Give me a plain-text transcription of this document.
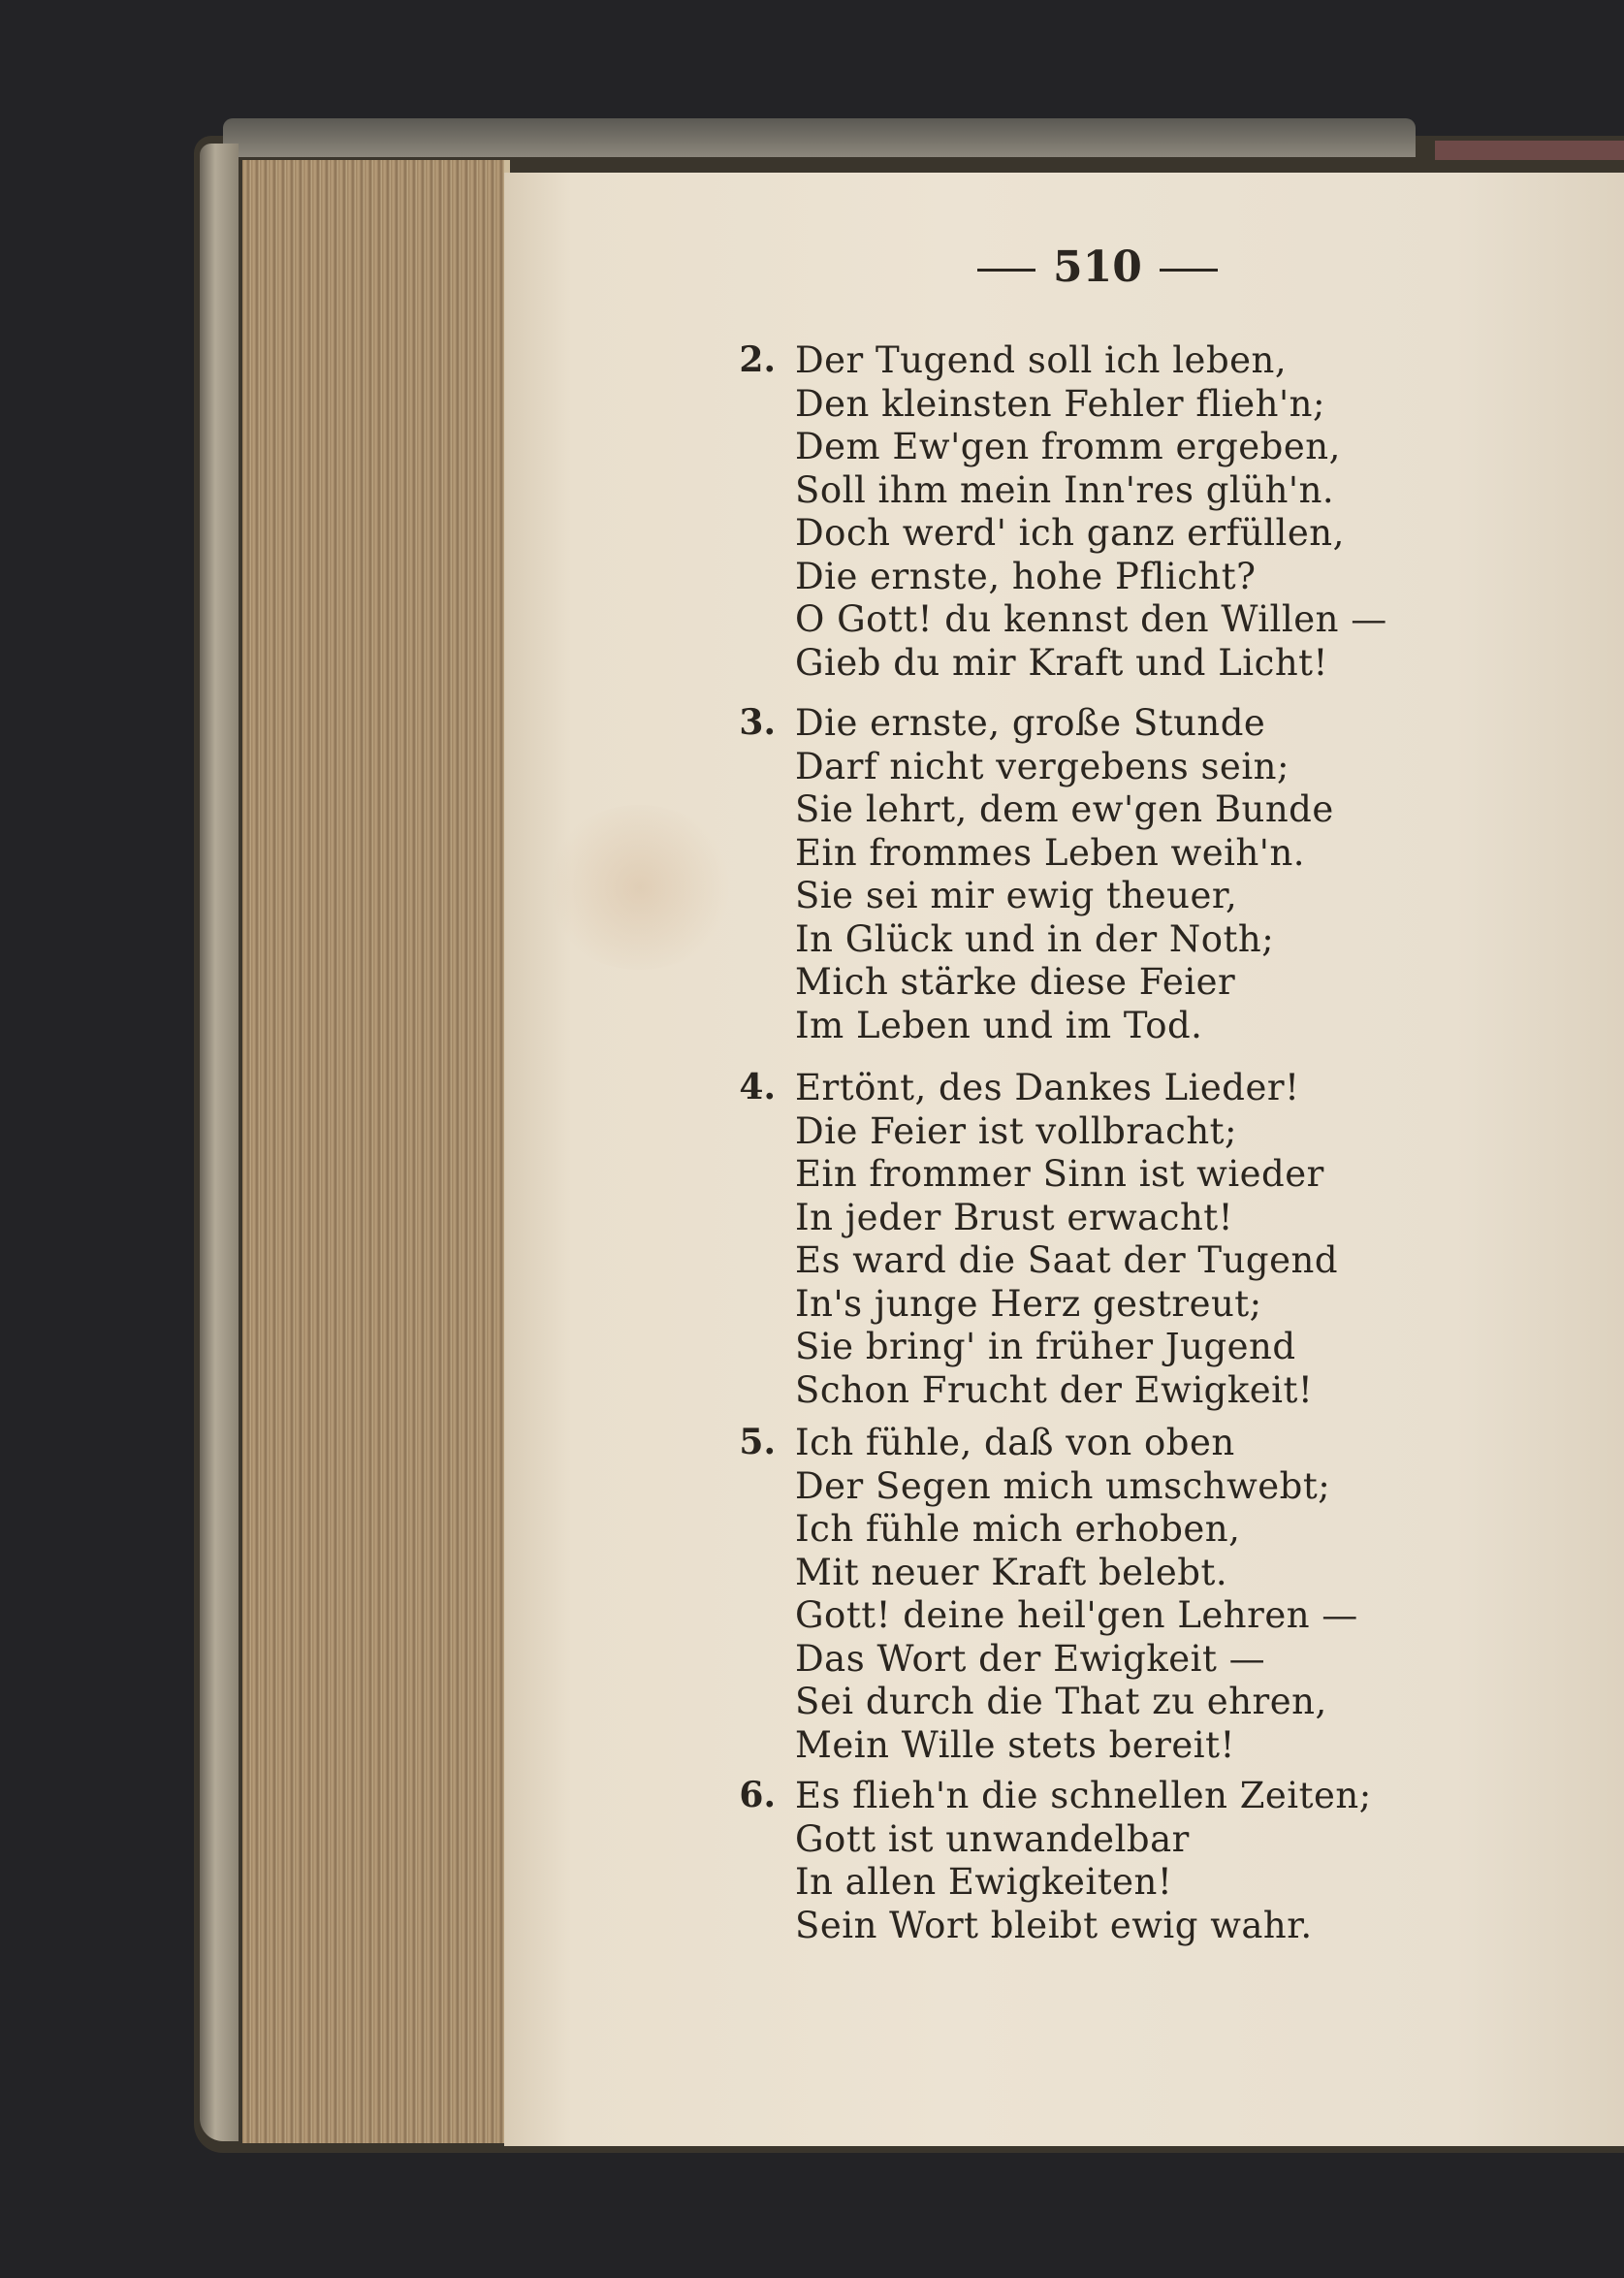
510
2. Der Tugend soll ich leben,
Den kleinsten Fehler flieh'n;
Dem Ew'gen fromm ergeben,
Soll ihm mein Inn'res glüh'n.
Doch werd' ich ganz erfüllen,
Die ernste, hohe Pflicht?
O Gott! du kennst den Willen —
Gieb du mir Kraft und Licht!
3. Die ernste, große Stunde
Darf nicht vergebens sein;
Sie lehrt, dem ew'gen Bunde
Ein frommes Leben weih'n.
Sie sei mir ewig theuer,
In Glück und in der Noth;
Mich stärke diese Feier
Im Leben und im Tod.
4. Ertönt, des Dankes Lieder!
Die Feier ist vollbracht;
Ein frommer Sinn ist wieder
In jeder Brust erwacht!
Es ward die Saat der Tugend
In's junge Herz gestreut;
Sie bring' in früher Jugend
Schon Frucht der Ewigkeit!
5. Ich fühle, daß von oben
Der Segen mich umschwebt;
Ich fühle mich erhoben,
Mit neuer Kraft belebt.
Gott! deine heil'gen Lehren —
Das Wort der Ewigkeit —
Sei durch die That zu ehren,
Mein Wille stets bereit!
6. Es flieh'n die schnellen Zeiten;
Gott ist unwandelbar
In allen Ewigkeiten!
Sein Wort bleibt ewig wahr.
